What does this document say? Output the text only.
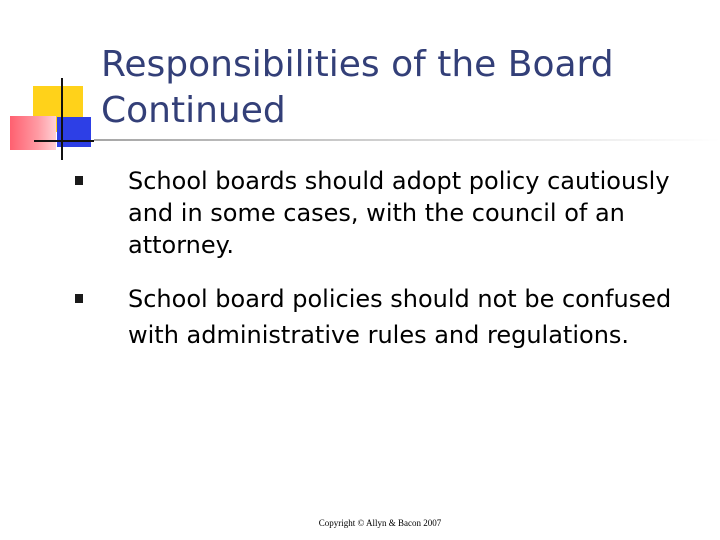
Responsibilities of the Board Continued
School boards should adopt policy cautiously and in some cases, with the council of an attorney.
School board policies should not be confused with administrative rules and regulations.
Copyright © Allyn & Bacon 2007
